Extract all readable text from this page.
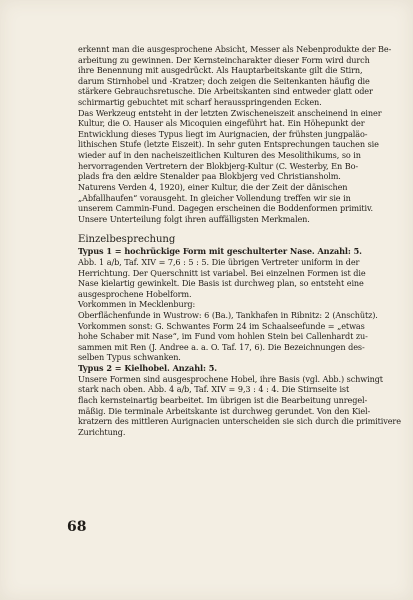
erkennt man die ausgesprochene Absicht, Messer als Nebenprodukte der Be-
arbeitung zu gewinnen. Der Kernsteincharakter dieser Form wird durch
ihre Benennung mit ausgedrückt. Als Hauptarbeitskante gilt die Stirn,
darum Stirnhobel und -Kratzer; doch zeigen die Seitenkanten häufig die
stärkere Gebrauchsretusche. Die Arbeitskanten sind entweder glatt oder
schirmartig gebuchtet mit scharf herausspringenden Ecken.
Das Werkzeug entsteht in der letzten Zwischeneiszeit anscheinend in einer
Kultur, die O. Hauser als Micoquien eingeführt hat. Ein Höhepunkt der
Entwicklung dieses Typus liegt im Aurignacien, der frühsten jungpaläo-
lithischen Stufe (letzte Eiszeit). In sehr guten Entsprechungen tauchen sie
wieder auf in den nacheiszeitlichen Kulturen des Mesolithikums, so in
hervorragenden Vertretern der Blokbjerg-Kultur (C. Westerby, En Bo-
plads fra den ældre Stenalder paa Blokbjerg ved Christiansholm.
Naturens Verden 4, 1920), einer Kultur, die der Zeit der dänischen
„Abfallhaufen“ vorausgeht. In gleicher Vollendung treffen wir sie in
unserem Cammin-Fund. Dagegen erscheinen die Boddenformen primitiv.
Unsere Unterteilung folgt ihren auffälligsten Merkmalen.
Einzelbesprechung
Typus 1 = hochrückige Form mit geschulterter Nase. Anzahl: 5.
Abb. 1 a/b, Taf. XIV = 7,6 : 5 : 5. Die übrigen Vertreter uniform in der
Herrichtung. Der Querschnitt ist variabel. Bei einzelnen Formen ist die
Nase kielartig gewinkelt. Die Basis ist durchweg plan, so entsteht eine
ausgesprochene Hobelform.
Vorkommen in Mecklenburg:
Oberflächenfunde in Wustrow: 6 (Ba.), Tankhafen in Ribnitz: 2 (Anschütz).
Vorkommen sonst: G. Schwantes Form 24 im Schaalseefunde = „etwas
hohe Schaber mit Nase“, im Fund vom hohlen Stein bei Callenhardt zu-
sammen mit Ren (J. Andree a. a. O. Taf. 17, 6). Die Bezeichnungen des-
selben Typus schwanken.
Typus 2 = Kielhobel. Anzahl: 5.
Unsere Formen sind ausgesprochene Hobel, ihre Basis (vgl. Abb.) schwingt
stark nach oben. Abb. 4 a/b, Taf. XIV = 9,3 : 4 : 4. Die Stirnseite ist
flach kernsteinartig bearbeitet. Im übrigen ist die Bearbeitung unregel-
mäßig. Die terminale Arbeitskante ist durchweg gerundet. Von den Kiel-
kratzern des mittleren Aurignacien unterscheiden sie sich durch die primitivere
Zurichtung.
68
